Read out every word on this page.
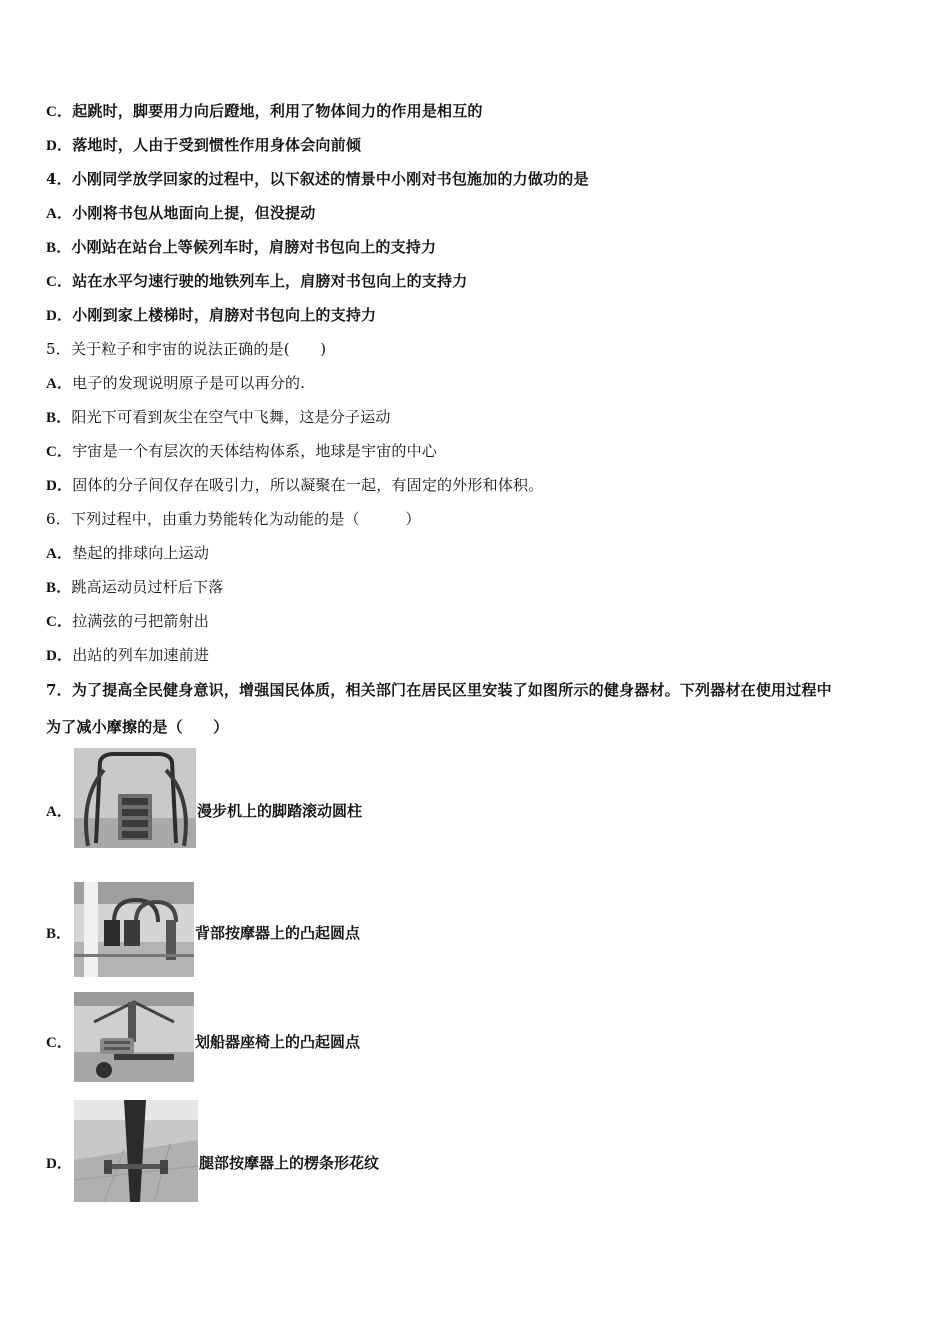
C．起跳时，脚要用力向后蹬地，利用了物体间力的作用是相互的
D．落地时，人由于受到惯性作用身体会向前倾
4．小刚同学放学回家的过程中，以下叙述的情景中小刚对书包施加的力做功的是
A．小刚将书包从地面向上提，但没提动
B．小刚站在站台上等候列车时，肩膀对书包向上的支持力
C．站在水平匀速行驶的地铁列车上，肩膀对书包向上的支持力
D．小刚到家上楼梯时，肩膀对书包向上的支持力
5．关于粒子和宇宙的说法正确的是(　　)
A．电子的发现说明原子是可以再分的.
B．阳光下可看到灰尘在空气中飞舞，这是分子运动
C．宇宙是一个有层次的天体结构体系，地球是宇宙的中心
D．固体的分子间仅存在吸引力，所以凝聚在一起，有固定的外形和体积。
6．下列过程中，由重力势能转化为动能的是（　　　）
A．垫起的排球向上运动
B．跳高运动员过杆后下落
C．拉满弦的弓把箭射出
D．出站的列车加速前进
7．为了提高全民健身意识，增强国民体质，相关部门在居民区里安装了如图所示的健身器材。下列器材在使用过程中
为了减小摩擦的是（　　）
A．	漫步机上的脚踏滚动圆柱
B．	背部按摩器上的凸起圆点
C．	划船器座椅上的凸起圆点
D．	腿部按摩器上的楞条形花纹
